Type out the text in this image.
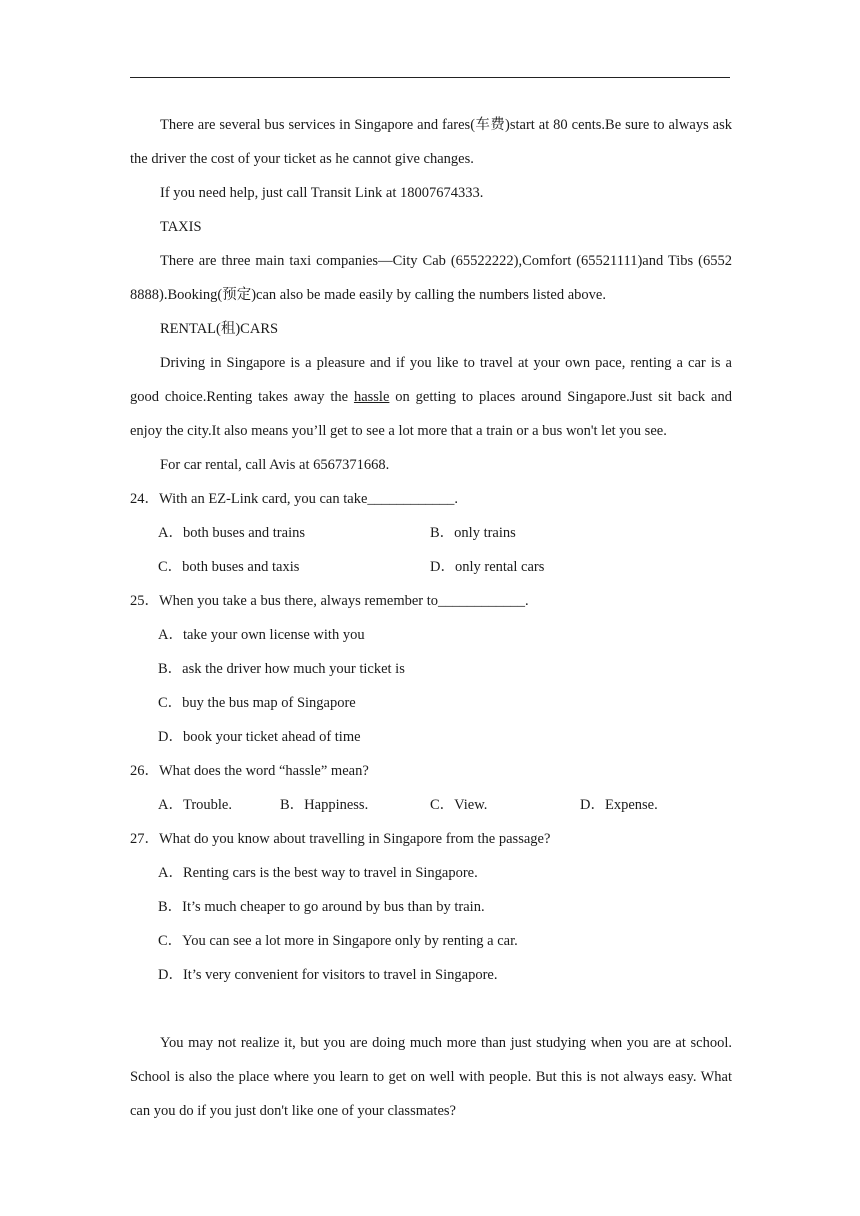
There are several bus services in Singapore and fares(车费)start at 80 cents.Be sure to always ask the driver the cost of your ticket as he cannot give changes.
If you need help, just call Transit Link at 18007674333.
TAXIS
There are three main taxi companies—City Cab (65522222),Comfort (65521111)and Tibs (6552 8888).Booking(预定)can also be made easily by calling the numbers listed above.
RENTAL(租)CARS
Driving in Singapore is a pleasure and if you like to travel at your own pace, renting a car is a good choice.Renting takes away the hassle on getting to places around Singapore.Just sit back and enjoy the city.It also means you’ll get to see a lot more that a train or a bus won't let you see.
For car rental, call Avis at 6567371668.
24．With an EZ-Link card, you can take____________.
A．both buses and trains	B．only trains
C．both buses and taxis	D．only rental cars
25．When you take a bus there, always remember to____________.
A．take your own license with you
B．ask the driver how much your ticket is
C．buy the bus map of Singapore
D．book your ticket ahead of time
26．What does the word “hassle” mean?
A．Trouble.	B．Happiness.	C．View.	D．Expense.
27．What do you know about travelling in Singapore from the passage?
A．Renting cars is the best way to travel in Singapore.
B．It’s much cheaper to go around by bus than by train.
C．You can see a lot more in Singapore only by renting a car.
D．It’s very convenient for visitors to travel in Singapore.
You may not realize it, but you are doing much more than just studying when you are at school. School is also the place where you learn to get on well with people. But this is not always easy. What can you do if you just don't like one of your classmates?
